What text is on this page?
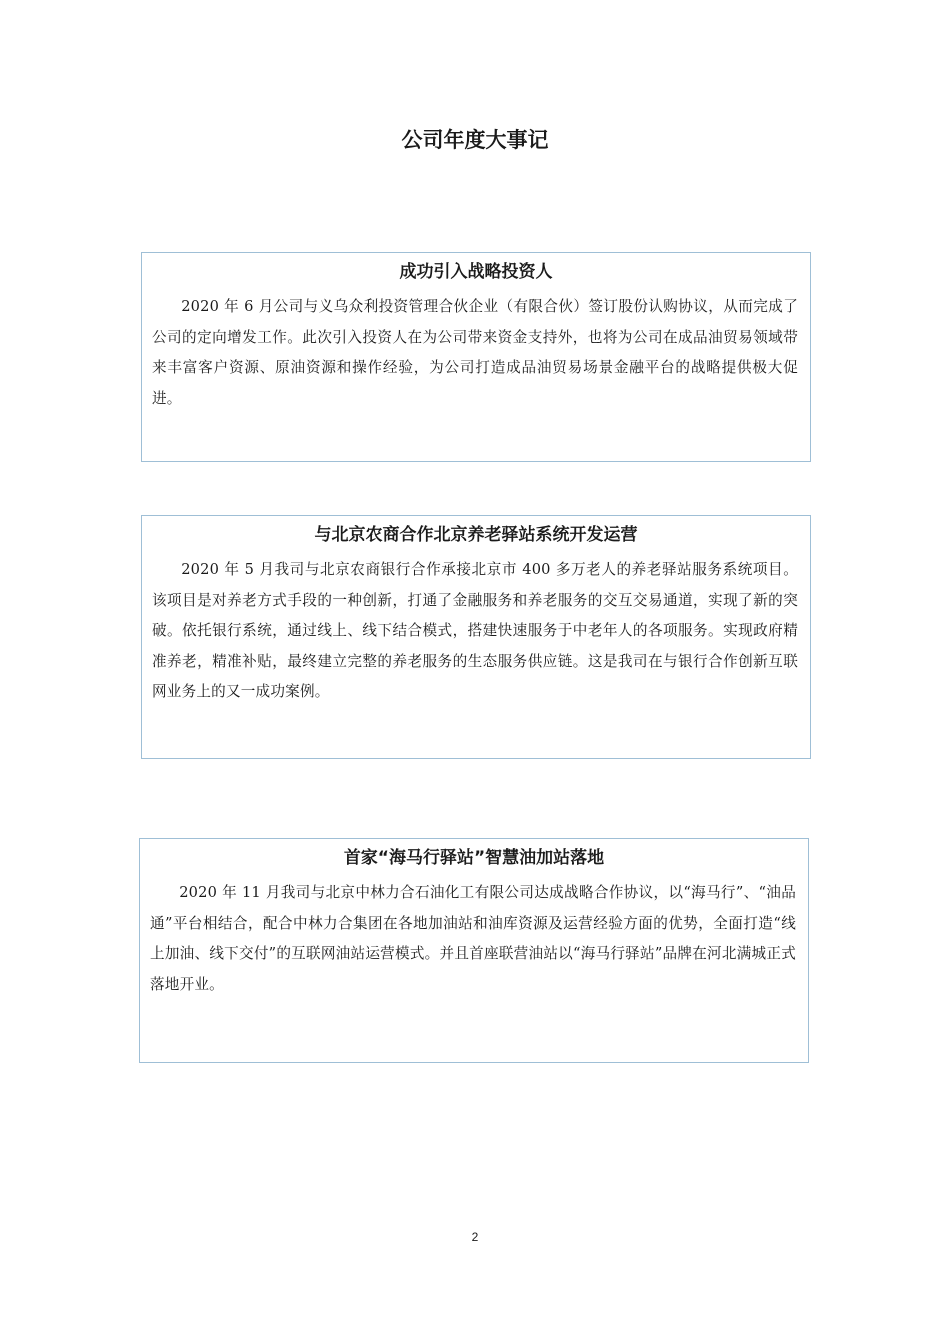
公司年度大事记
成功引入战略投资人

2020 年 6 月公司与义乌众利投资管理合伙企业（有限合伙）签订股份认购协议，从而完成了公司的定向增发工作。此次引入投资人在为公司带来资金支持外，也将为公司在成品油贸易领域带来丰富客户资源、原油资源和操作经验，为公司打造成品油贸易场景金融平台的战略提供极大促进。

与北京农商合作北京养老驿站系统开发运营

2020 年 5 月我司与北京农商银行合作承接北京市 400 多万老人的养老驿站服务系统项目。该项目是对养老方式手段的一种创新，打通了金融服务和养老服务的交互交易通道，实现了新的突破。依托银行系统，通过线上、线下结合模式，搭建快速服务于中老年人的各项服务。实现政府精准养老，精准补贴，最终建立完整的养老服务的生态服务供应链。这是我司在与银行合作创新互联网业务上的又一成功案例。

首家“海马行驿站”智慧油加站落地

2020 年 11 月我司与北京中林力合石油化工有限公司达成战略合作协议，以“海马行”、“油品通”平台相结合，配合中林力合集团在各地加油站和油库资源及运营经验方面的优势，全面打造“线上加油、线下交付”的互联网油站运营模式。并且首座联营油站以“海马行驿站”品牌在河北满城正式落地开业。

2
